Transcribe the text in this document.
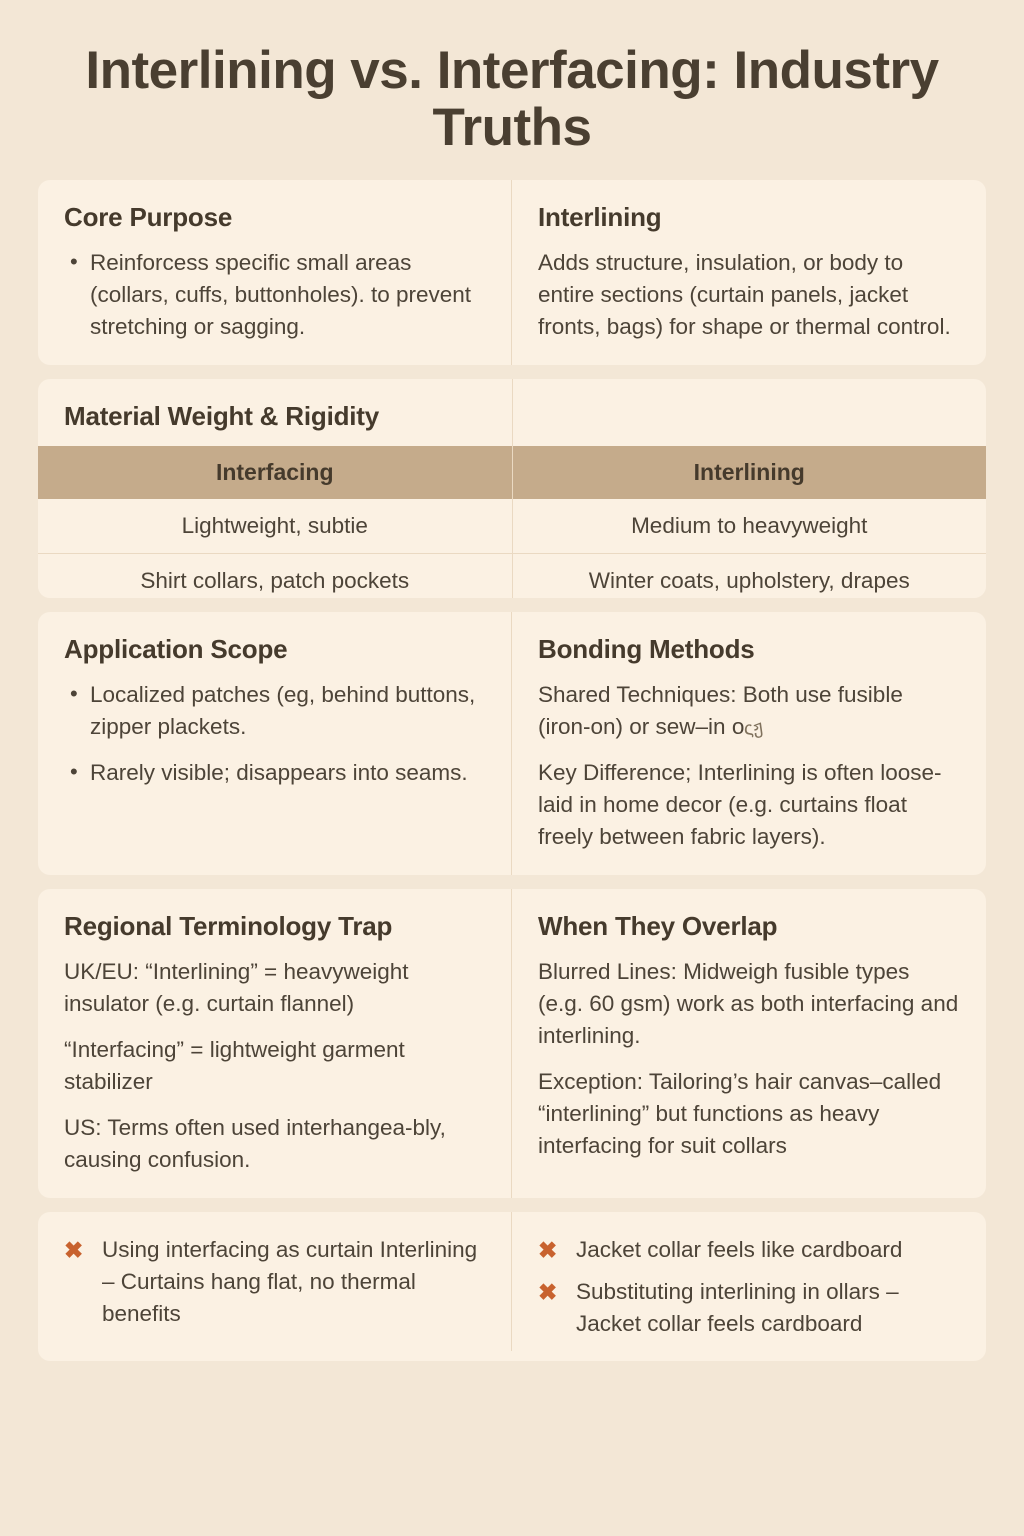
Interlining vs. Interfacing: Industry Truths
Core Purpose
• Reinforcess specific small areas (collars, cuffs, buttonholes). to prevent stretching or sagging.
Interlining

Adds structure, insulation, or body to entire sections (curtain panels, jacket fronts, bags) for shape or thermal control.

Material Weight & Rigidity
Interfacing	Interlining
Lightweight, subtie	Medium to heavyweight
Shirt collars, patch pockets	Winter coats, upholstery, drapes
Application Scope
• Localized patches (eg, behind buttons, zipper plackets.
• Rarely visible; disappears into seams.
Bonding Methods

Shared Techniques: Both use fusible (iron-on) or sew–in oςჟ

Key Difference; Interlining is often loose-laid in home decor (e.g. curtains float freely between fabric layers).

Regional Terminology Trap

UK/EU: “Interlining” = heavyweight insulator (e.g. curtain flannel)

“Interfacing” = lightweight garment stabilizer

US: Terms often used interhangea-bly, causing confusion.

When They Overlap

Blurred Lines: Midweigh fusible types (e.g. 60 gsm) work as both interfacing and interlining.

Exception: Tailoring’s hair canvas–called “interlining” but functions as heavy interfacing for suit collars

✖ Using interfacing as curtain Interlining – Curtains hang flat, no thermal benefits
✖ Jacket collar feels like cardboard
✖ Substituting interlining in ollars – Jacket collar feels cardboard
